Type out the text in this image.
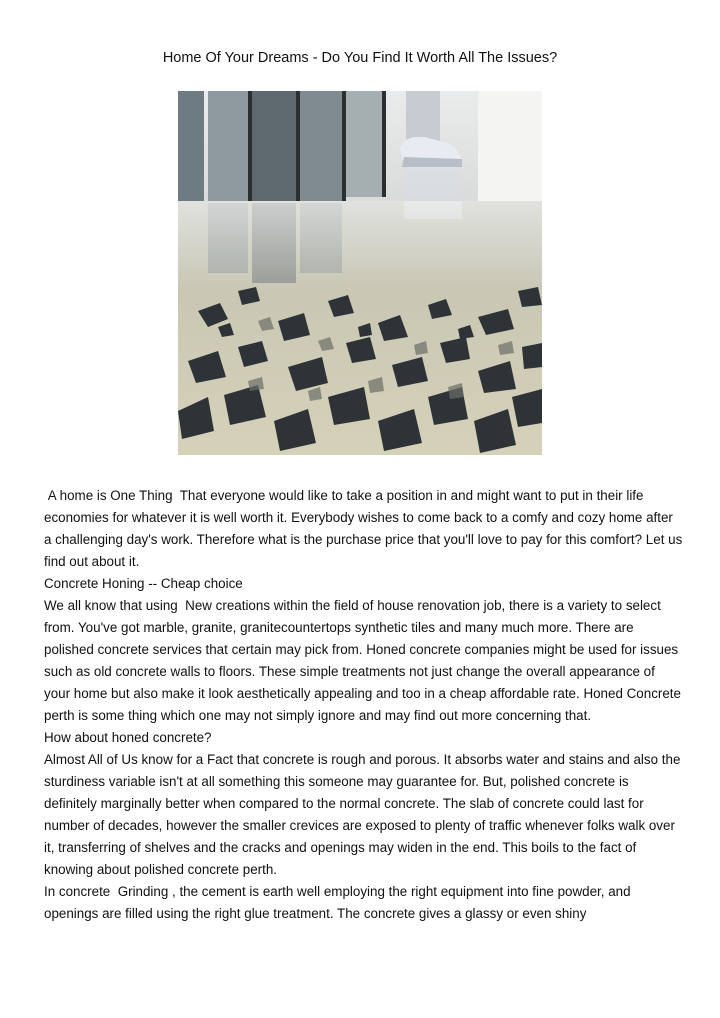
Home Of Your Dreams - Do You Find It Worth All The Issues?

A home is One Thing  That everyone would like to take a position in and might want to put in their life economies for whatever it is well worth it. Everybody wishes to come back to a comfy and cozy home after a challenging day's work. Therefore what is the purchase price that you'll love to pay for this comfort? Let us find out about it.

Concrete Honing -- Cheap choice

We all know that using  New creations within the field of house renovation job, there is a variety to select from. You've got marble, granite, granitecountertops synthetic tiles and many much more. There are polished concrete services that certain may pick from. Honed concrete companies might be used for issues such as old concrete walls to floors. These simple treatments not just change the overall appearance of your home but also make it look aesthetically appealing and too in a cheap affordable rate. Honed Concrete perth is some thing which one may not simply ignore and may find out more concerning that.

How about honed concrete?

Almost All of Us know for a Fact that concrete is rough and porous. It absorbs water and stains and also the sturdiness variable isn't at all something this someone may guarantee for. But, polished concrete is definitely marginally better when compared to the normal concrete. The slab of concrete could last for number of decades, however the smaller crevices are exposed to plenty of traffic whenever folks walk over it, transferring of shelves and the cracks and openings may widen in the end. This boils to the fact of knowing about polished concrete perth.

In concrete  Grinding , the cement is earth well employing the right equipment into fine powder, and openings are filled using the right glue treatment. The concrete gives a glassy or even shiny
